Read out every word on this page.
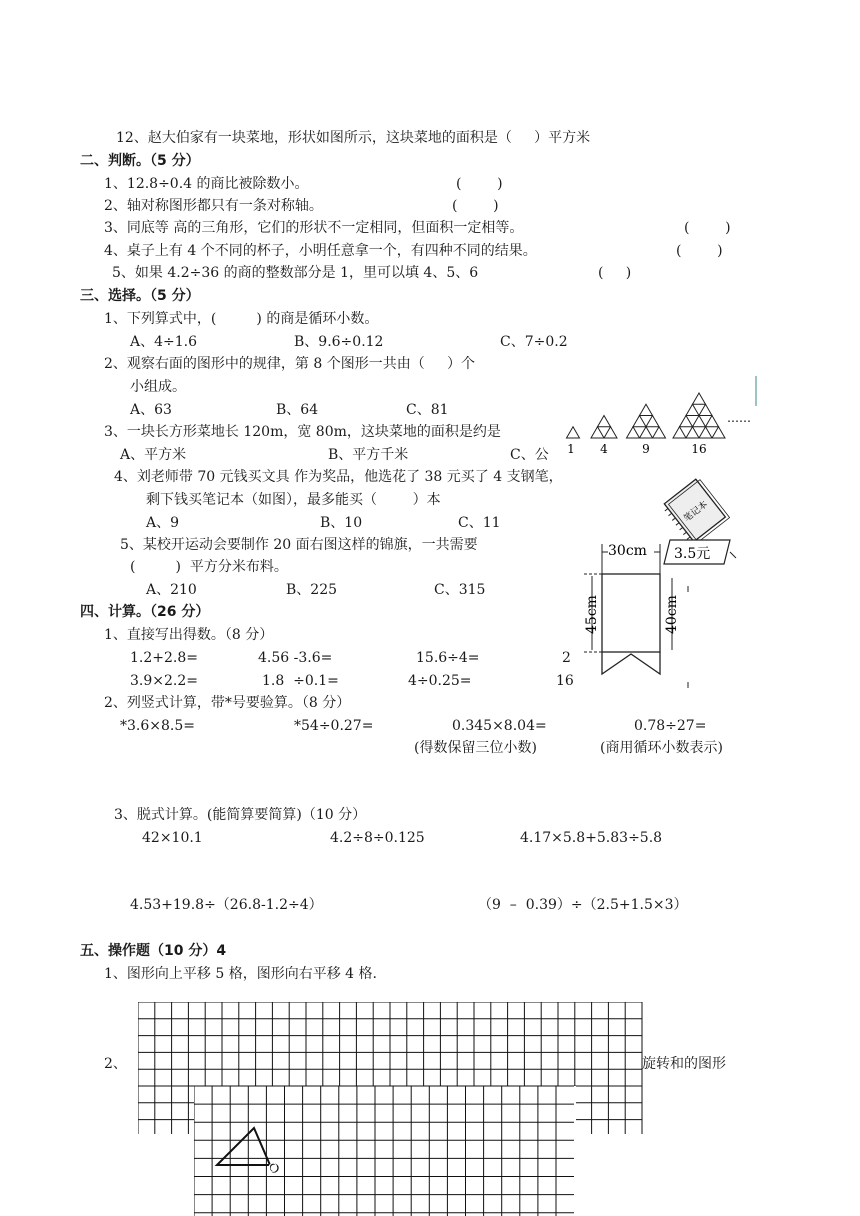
12、赵大伯家有一块菜地，形状如图所示，这块菜地的面积是（     ）平方米
二、判断。（5 分）
1、12.8÷0.4 的商比被除数小。	(        )
2、轴对称图形都只有一条对称轴。	(        )
3、同底等 高的三角形，它们的形状不一定相同，但面积一定相等。	(        )
4、桌子上有 4 个不同的杯子，小明任意拿一个，有四种不同的结果。	(        )
5、如果 4.2÷36 的商的整数部分是 1，里可以填 4、5、6	(     )
三、选择。（5 分）
1、下列算式中，(         ) 的商是循环小数。
A、4÷1.6	B、9.6÷0.12	C、7÷0.2
2、观察右面的图形中的规律，第 8 个图形一共由（     ）个
小组成。
A、63	B、64	C、81
3、一块长方形菜地长 120m，宽 80m，这块菜地的面积是约是
A、平方米	B、平方千米	C、公
4、刘老师带 70 元钱买文具 作为奖品，他选花了 38 元买了 4 支钢笔，
剩下钱买笔记本（如图），最多能买（        ）本
A、9	B、10	C、11
5、某校开运动会要制作 20 面右图这样的锦旗，一共需要
(         )  平方分米布料。
A、210	B、225	C、315
四、计算。（26 分）
1、直接写出得数。（8 分）
1.2+2.8=	4.56 -3.6=	15.6÷4=	2
3.9×2.2=	1.8  ÷0.1=	4÷0.25=	16
2、列竖式计算，带*号要验算。（8 分）
*3.6×8.5=	*54÷0.27=	0.345×8.04=	0.78÷27=
(得数保留三位小数)	(商用循环小数表示)
3、脱式计算。(能简算要简算)（10 分）
42×10.1	4.2÷8÷0.125	4.17×5.8+5.83÷5.8
4.53+19.8÷（26.8-1.2÷4）	（9  –  0.39）÷（2.5+1.5×3）
五、操作题（10 分）4
1、图形向上平移 5 格，图形向右平移 4 格.
2、	旋转和的图形
1 4	9	16
……
笔记本
30cm 3.5元
45cm	40cm
O
